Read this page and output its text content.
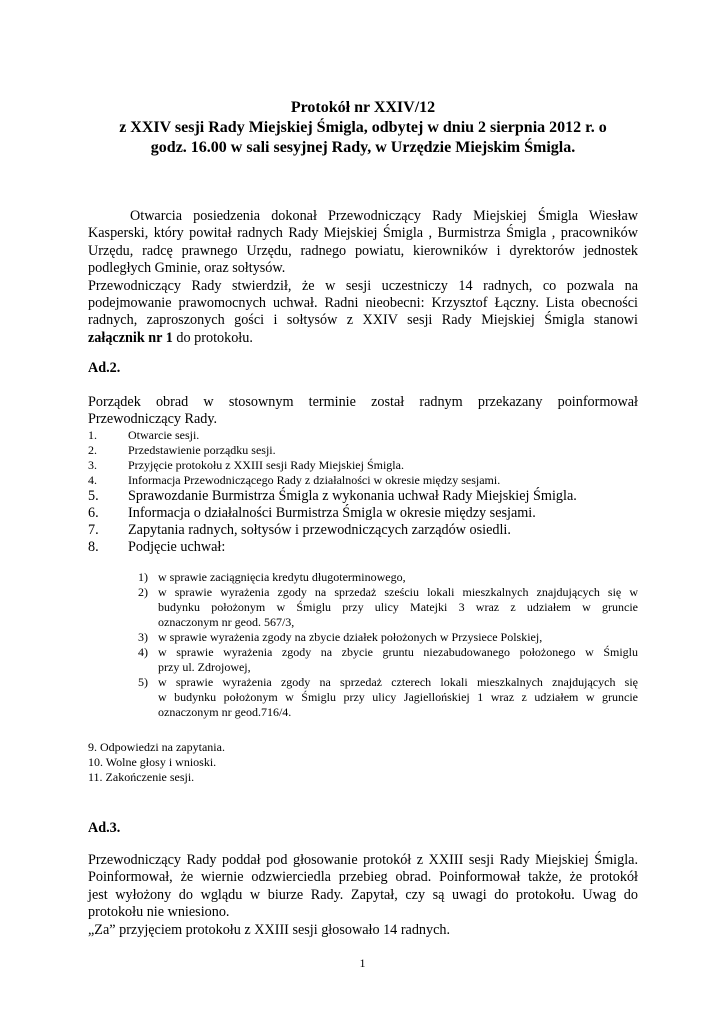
Protokół nr XXIV/12
z XXIV sesji Rady Miejskiej Śmigla, odbytej w dniu 2 sierpnia 2012 r. o
godz. 16.00 w sali sesyjnej Rady, w Urzędzie Miejskim Śmigla.
Otwarcia posiedzenia dokonał Przewodniczący Rady Miejskiej Śmigla Wiesław
Kasperski, który powitał radnych Rady Miejskiej Śmigla , Burmistrza Śmigla , pracowników
Urzędu, radcę prawnego Urzędu, radnego powiatu, kierowników i dyrektorów jednostek
podległych Gminie, oraz sołtysów.
Przewodniczący Rady stwierdził, że w sesji uczestniczy 14 radnych, co pozwala na
podejmowanie prawomocnych uchwał. Radni nieobecni: Krzysztof Łączny. Lista obecności
radnych, zaproszonych gości i sołtysów z XXIV sesji Rady Miejskiej Śmigla stanowi
załącznik nr 1 do protokołu.
Ad.2.
Porządek obrad w stosownym terminie został radnym przekazany poinformował
Przewodniczący Rady.
1.	Otwarcie sesji.
2.	Przedstawienie porządku sesji.
3.	Przyjęcie protokołu z XXIII sesji Rady Miejskiej Śmigla.
4.	Informacja Przewodniczącego Rady z działalności w okresie między sesjami.
5.	Sprawozdanie Burmistrza Śmigla z wykonania uchwał Rady Miejskiej Śmigla.
6.	Informacja o działalności Burmistrza Śmigla w okresie między sesjami.
7.	Zapytania radnych, sołtysów i przewodniczących zarządów osiedli.
8.	Podjęcie uchwał:
1) w sprawie zaciągnięcia kredytu długoterminowego,
2) w sprawie wyrażenia zgody na sprzedaż sześciu lokali mieszkalnych znajdujących się w
budynku położonym w Śmiglu przy ulicy Matejki 3 wraz z udziałem w gruncie
oznaczonym nr geod. 567/3,
3) w sprawie wyrażenia zgody na zbycie działek położonych w Przysiece Polskiej,
4) w sprawie wyrażenia zgody na zbycie gruntu niezabudowanego położonego w Śmiglu
przy ul. Zdrojowej,
5) w sprawie wyrażenia zgody na sprzedaż czterech lokali mieszkalnych znajdujących się
w budynku położonym w Śmiglu przy ulicy Jagiellońskiej 1 wraz z udziałem w gruncie
oznaczonym nr geod.716/4.
9. Odpowiedzi na zapytania.
10. Wolne głosy i wnioski.
11. Zakończenie sesji.
Ad.3.
Przewodniczący Rady poddał pod głosowanie protokół z XXIII sesji Rady Miejskiej Śmigla.
Poinformował, że wiernie odzwierciedla przebieg obrad. Poinformował także, że protokół
jest wyłożony do wglądu w biurze Rady. Zapytał, czy są uwagi do protokołu. Uwag do
protokołu nie wniesiono.
„Za” przyjęciem protokołu z XXIII sesji głosowało 14 radnych.
1
